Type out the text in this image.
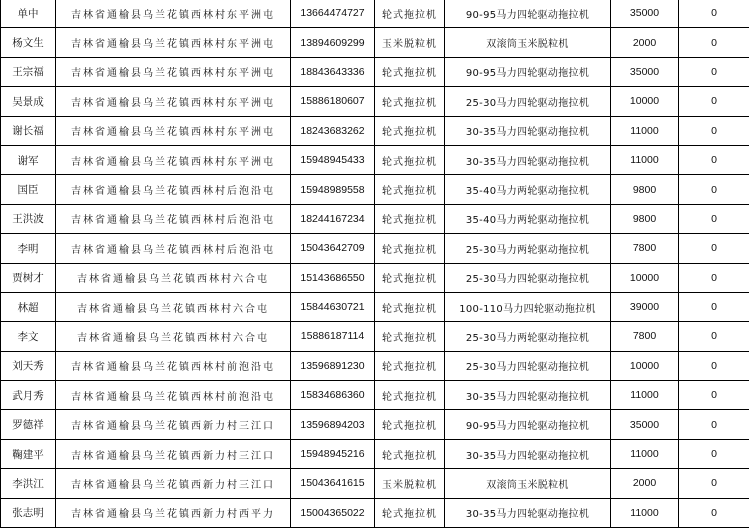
单中	吉林省通榆县乌兰花镇西林村东平洲屯	13664474727	轮式拖拉机	90-95马力四轮驱动拖拉机	35000	0
杨文生	吉林省通榆县乌兰花镇西林村东平洲屯	13894609299	玉米脱粒机	双滚筒玉米脱粒机	2000	0
王宗福	吉林省通榆县乌兰花镇西林村东平洲屯	18843643336	轮式拖拉机	90-95马力四轮驱动拖拉机	35000	0
吴景成	吉林省通榆县乌兰花镇西林村东平洲屯	15886180607	轮式拖拉机	25-30马力四轮驱动拖拉机	10000	0
谢长福	吉林省通榆县乌兰花镇西林村东平洲屯	18243683262	轮式拖拉机	30-35马力四轮驱动拖拉机	11000	0
谢军	吉林省通榆县乌兰花镇西林村东平洲屯	15948945433	轮式拖拉机	30-35马力四轮驱动拖拉机	11000	0
国臣	吉林省通榆县乌兰花镇西林村后泡沿屯	15948989558	轮式拖拉机	35-40马力两轮驱动拖拉机	9800	0
王洪波	吉林省通榆县乌兰花镇西林村后泡沿屯	18244167234	轮式拖拉机	35-40马力两轮驱动拖拉机	9800	0
李明	吉林省通榆县乌兰花镇西林村后泡沿屯	15043642709	轮式拖拉机	25-30马力两轮驱动拖拉机	7800	0
贾树才	吉林省通榆县乌兰花镇西林村六合屯	15143686550	轮式拖拉机	25-30马力四轮驱动拖拉机	10000	0
林超	吉林省通榆县乌兰花镇西林村六合屯	15844630721	轮式拖拉机	100-110马力四轮驱动拖拉机	39000	0
李文	吉林省通榆县乌兰花镇西林村六合屯	15886187114	轮式拖拉机	25-30马力两轮驱动拖拉机	7800	0
刘天秀	吉林省通榆县乌兰花镇西林村前泡沿屯	13596891230	轮式拖拉机	25-30马力四轮驱动拖拉机	10000	0
武月秀	吉林省通榆县乌兰花镇西林村前泡沿屯	15834686360	轮式拖拉机	30-35马力四轮驱动拖拉机	11000	0
罗德祥	吉林省通榆县乌兰花镇西新力村三江口	13596894203	轮式拖拉机	90-95马力四轮驱动拖拉机	35000	0
鞠建平	吉林省通榆县乌兰花镇西新力村三江口	15948945216	轮式拖拉机	30-35马力四轮驱动拖拉机	11000	0
李洪江	吉林省通榆县乌兰花镇西新力村三江口	15043641615	玉米脱粒机	双滚筒玉米脱粒机	2000	0
张志明	吉林省通榆县乌兰花镇西新力村西平力	15004365022	轮式拖拉机	30-35马力四轮驱动拖拉机	11000	0
